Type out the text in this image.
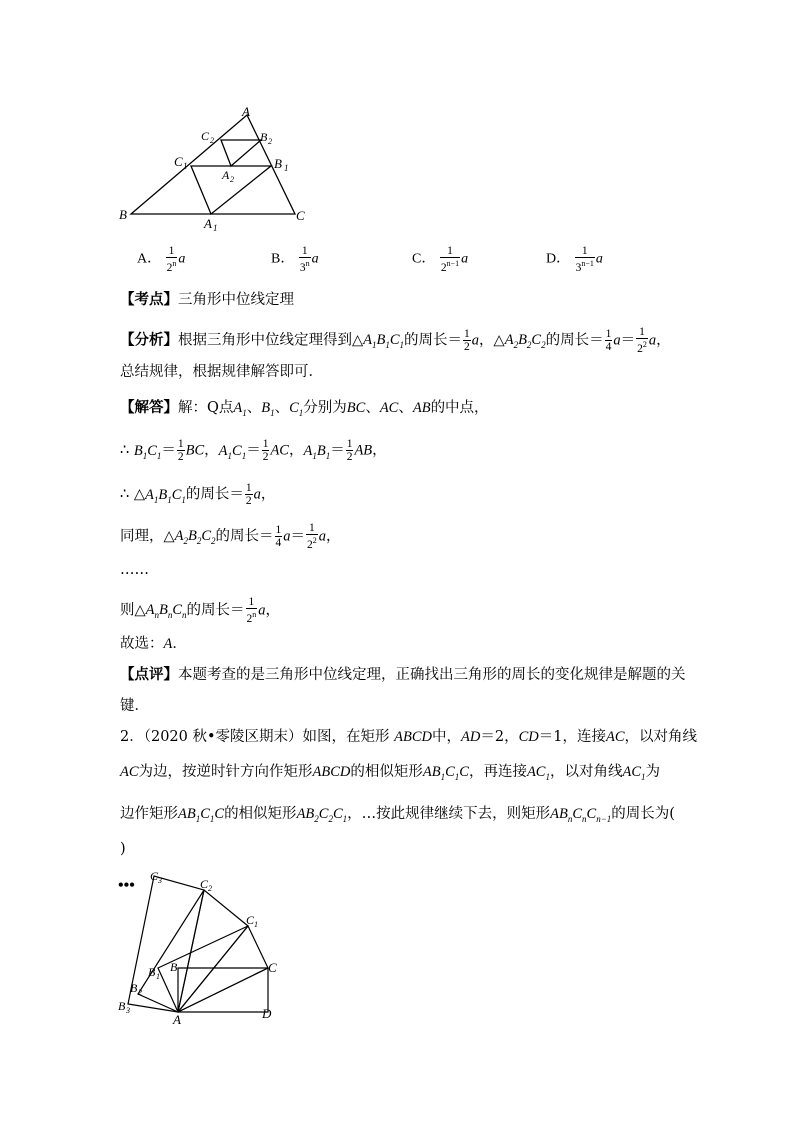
A
B	C
A 1
B 1
C 1
A 2
B 2
C 2
A． $\frac{1}{2^n}$ a	B． $\frac{1}{3^n}$ a	C． $\frac{1}{2^{n-1}}$ a	D． $\frac{1}{3^{n-1}}$ a
【考点】三角形中位线定理
【分析】根据三角形中位线定理得到$\triangle A_1B_1C_1$的周长＝ $\frac{1}{2}$ a，$\triangle A_2B_2C_2$的周长＝ $\frac{1}{4} a= \frac{1}{2^2}$ a，
总结规律，根据规律解答即可．
【解答】解：Q点$A_1$、$B_1$、$C_1$分别为BC、AC、AB的中点，
∴ $B_1C_1= \frac{1}{2}$ BC，$A_1C_1= \frac{1}{2}$ AC，$A_1B_1= \frac{1}{2}$ AB，
∴ $\triangle A_1B_1C_1$的周长＝ $\frac{1}{2}$ a，
同理，$\triangle A_2B_2C_2$的周长＝ $\frac{1}{4} a= \frac{1}{2^2}$ a，
……
则$\triangle A_nB_nC_n$的周长＝ $\frac{1}{2^n}$ a，
故选：A．
【点评】本题考查的是三角形中位线定理，正确找出三角形的周长的变化规律是解题的关
键．
2．（2020 秋•零陵区期末）如图，在矩形 ABCD中，AD＝2，CD＝1，连接AC，以对角线
AC为边，按逆时针方向作矩形ABCD的相似矩形$AB_1C_1C$，再连接$AC_1$，以对角线$AC_1$为
边作矩形$AB_1C_1C$的相似矩形$AB_2C_2C_1$，…按此规律继续下去，则矩形$AB_nC_nC_{n-1}$的周长为(
)
•••
A
B	C
D
B 1
B 2
B 3
C 1
C 2
C 3
